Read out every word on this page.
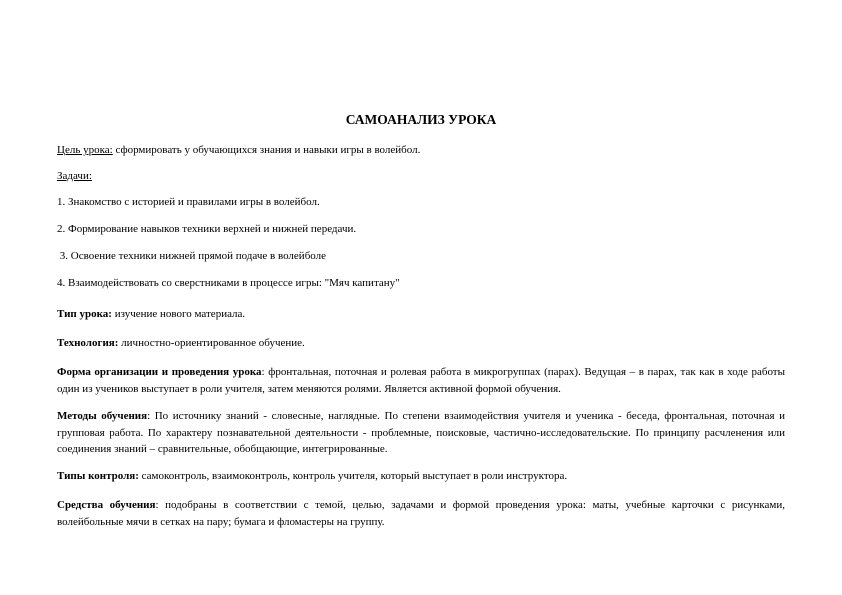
САМОАНАЛИЗ УРОКА
Цель урока: сформировать у обучающихся знания и навыки игры в волейбол.
Задачи:
1. Знакомство с историей и правилами игры в волейбол.
2. Формирование навыков техники верхней и нижней передачи.
3. Освоение техники нижней прямой подаче в волейболе
4. Взаимодействовать со сверстниками в процессе игры: "Мяч капитану"
Тип урока: изучение нового материала.
Технология: личностно-ориентированное обучение.
Форма организации и проведения урока: фронтальная, поточная и ролевая работа в микрогруппах (парах). Ведущая – в парах, так как в ходе работы один из учеников выступает в роли учителя, затем меняются ролями. Является активной формой обучения.
Методы обучения: По источнику знаний - словесные, наглядные. По степени взаимодействия учителя и ученика - беседа, фронтальная, поточная и групповая работа. По характеру познавательной деятельности - проблемные, поисковые, частично-исследовательские. По принципу расчленения или соединения знаний – сравнительные, обобщающие, интегрированные.
Типы контроля: самоконтроль, взаимоконтроль, контроль учителя, который выступает в роли инструктора.
Средства обучения: подобраны в соответствии с темой, целью, задачами и формой проведения урока: маты, учебные карточки с рисунками, волейбольные мячи в сетках на пару; бумага и фломастеры на группу.
